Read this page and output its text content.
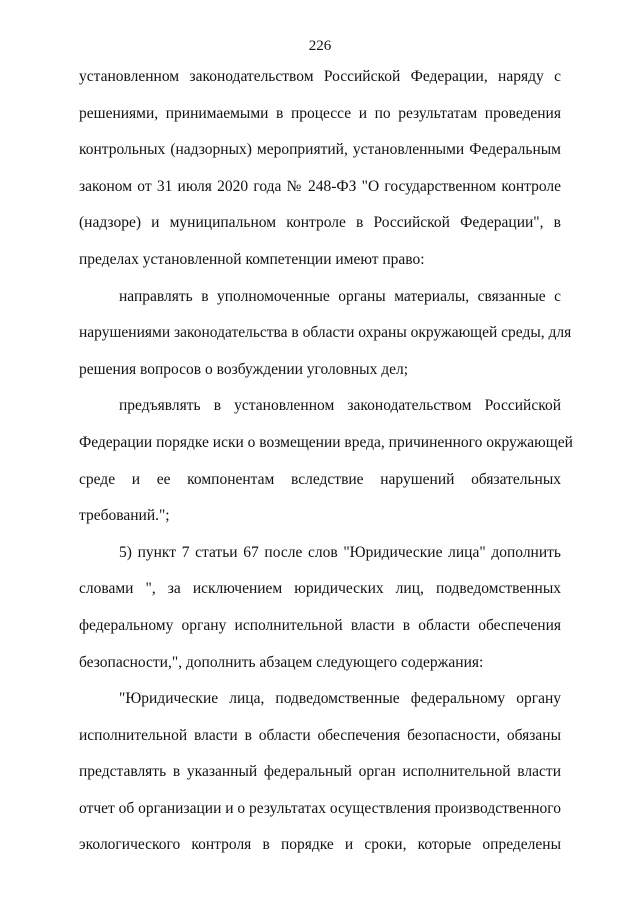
226
установленном законодательством Российской Федерации, наряду с
решениями, принимаемыми в процессе и по результатам проведения
контрольных (надзорных) мероприятий, установленными Федеральным
законом от 31 июля 2020 года № 248-ФЗ "О государственном контроле
(надзоре) и муниципальном контроле в Российской Федерации", в
пределах установленной компетенции имеют право:
направлять в уполномоченные органы материалы, связанные с
нарушениями законодательства в области охраны окружающей среды, для
решения вопросов о возбуждении уголовных дел;
предъявлять в установленном законодательством Российской
Федерации порядке иски о возмещении вреда, причиненного окружающей
среде и ее компонентам вследствие нарушений обязательных
требований.";
5) пункт 7 статьи 67 после слов "Юридические лица" дополнить
словами ", за исключением юридических лиц, подведомственных
федеральному органу исполнительной власти в области обеспечения
безопасности,", дополнить абзацем следующего содержания:
"Юридические лица, подведомственные федеральному органу
исполнительной власти в области обеспечения безопасности, обязаны
представлять в указанный федеральный орган исполнительной власти
отчет об организации и о результатах осуществления производственного
экологического контроля в порядке и сроки, которые определены
